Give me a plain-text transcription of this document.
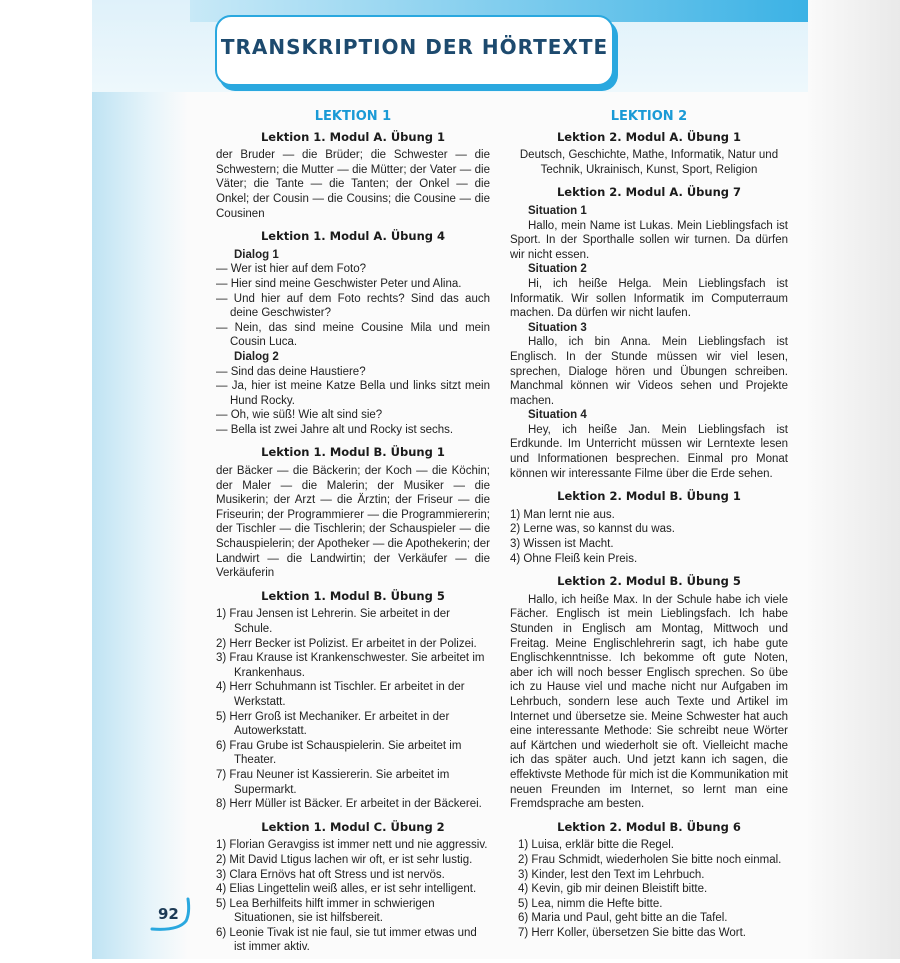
TRANSKRIPTION DER HÖRTEXTE
LEKTION 1
Lektion 1. Modul A. Übung 1

der Bruder — die Brüder; die Schwester — die Schwestern; die Mutter — die Mütter; der Vater — die Väter; die Tante — die Tanten; der Onkel — die Onkel; der Cousin — die Cousins; die Cousine — die Cousinen

Lektion 1. Modul A. Übung 4

Dialog 1

— Wer ist hier auf dem Foto?

— Hier sind meine Geschwister Peter und Alina.

— Und hier auf dem Foto rechts? Sind das auch deine Geschwister?

— Nein, das sind meine Cousine Mila und mein Cousin Luca.

Dialog 2

— Sind das deine Haustiere?

— Ja, hier ist meine Katze Bella und links sitzt mein Hund Rocky.

— Oh, wie süß! Wie alt sind sie?

— Bella ist zwei Jahre alt und Rocky ist sechs.

Lektion 1. Modul B. Übung 1

der Bäcker — die Bäckerin; der Koch — die Köchin; der Maler — die Malerin; der Musiker — die Musikerin; der Arzt — die Ärztin; der Friseur — die Friseurin; der Programmierer — die Programmiererin; der Tischler — die Tischlerin; der Schauspieler — die Schauspielerin; der Apotheker — die Apothekerin; der Landwirt — die Landwirtin; der Verkäufer — die Verkäuferin

Lektion 1. Modul B. Übung 5

1) Frau Jensen ist Lehrerin. Sie arbeitet in der Schule.

2) Herr Becker ist Polizist. Er arbeitet in der Polizei.

3) Frau Krause ist Krankenschwester. Sie arbeitet im Krankenhaus.

4) Herr Schuhmann ist Tischler. Er arbeitet in der Werkstatt.

5) Herr Groß ist Mechaniker. Er arbeitet in der Autowerkstatt.

6) Frau Grube ist Schauspielerin. Sie arbeitet im Theater.

7) Frau Neuner ist Kassiererin. Sie arbeitet im Supermarkt.

8) Herr Müller ist Bäcker. Er arbeitet in der Bäckerei.

Lektion 1. Modul C. Übung 2

1) Florian Geravgiss ist immer nett und nie aggressiv.

2) Mit David Ltigus lachen wir oft, er ist sehr lustig.

3) Clara Ernövs hat oft Stress und ist nervös.

4) Elias Lingettelin weiß alles, er ist sehr intelligent.

5) Lea Berhilfeits hilft immer in schwierigen Situationen, sie ist hilfsbereit.

6) Leonie Tivak ist nie faul, sie tut immer etwas und ist immer aktiv.

LEKTION 2
Lektion 2. Modul A. Übung 1

Deutsch, Geschichte, Mathe, Informatik, Natur und Technik, Ukrainisch, Kunst, Sport, Religion

Lektion 2. Modul A. Übung 7

Situation 1

Hallo, mein Name ist Lukas. Mein Lieblingsfach ist Sport. In der Sporthalle sollen wir turnen. Da dürfen wir nicht essen.

Situation 2

Hi, ich heiße Helga. Mein Lieblingsfach ist Informatik. Wir sollen Informatik im Computerraum machen. Da dürfen wir nicht laufen.

Situation 3

Hallo, ich bin Anna. Mein Lieblingsfach ist Englisch. In der Stunde müssen wir viel lesen, sprechen, Dialoge hören und Übungen schreiben. Manchmal können wir Videos sehen und Projekte machen.

Situation 4

Hey, ich heiße Jan. Mein Lieblingsfach ist Erdkunde. Im Unterricht müssen wir Lerntexte lesen und Informationen besprechen. Einmal pro Monat können wir interessante Filme über die Erde sehen.

Lektion 2. Modul B. Übung 1

1) Man lernt nie aus.

2) Lerne was, so kannst du was.

3) Wissen ist Macht.

4) Ohne Fleiß kein Preis.

Lektion 2. Modul B. Übung 5

Hallo, ich heiße Max. In der Schule habe ich viele Fächer. Englisch ist mein Lieblingsfach. Ich habe Stunden in Englisch am Montag, Mittwoch und Freitag. Meine Englischlehrerin sagt, ich habe gute Englischkenntnisse. Ich bekomme oft gute Noten, aber ich will noch besser Englisch sprechen. So übe ich zu Hause viel und mache nicht nur Aufgaben im Lehrbuch, sondern lese auch Texte und Artikel im Internet und übersetze sie. Meine Schwester hat auch eine interessante Methode: Sie schreibt neue Wörter auf Kärtchen und wiederholt sie oft. Vielleicht mache ich das später auch. Und jetzt kann ich sagen, die effektivste Methode für mich ist die Kommunikation mit neuen Freunden im Internet, so lernt man eine Fremdsprache am besten.

Lektion 2. Modul B. Übung 6

1) Luisa, erklär bitte die Regel.

2) Frau Schmidt, wiederholen Sie bitte noch einmal.

3) Kinder, lest den Text im Lehrbuch.

4) Kevin, gib mir deinen Bleistift bitte.

5) Lea, nimm die Hefte bitte.

6) Maria und Paul, geht bitte an die Tafel.

7) Herr Koller, übersetzen Sie bitte das Wort.

92
